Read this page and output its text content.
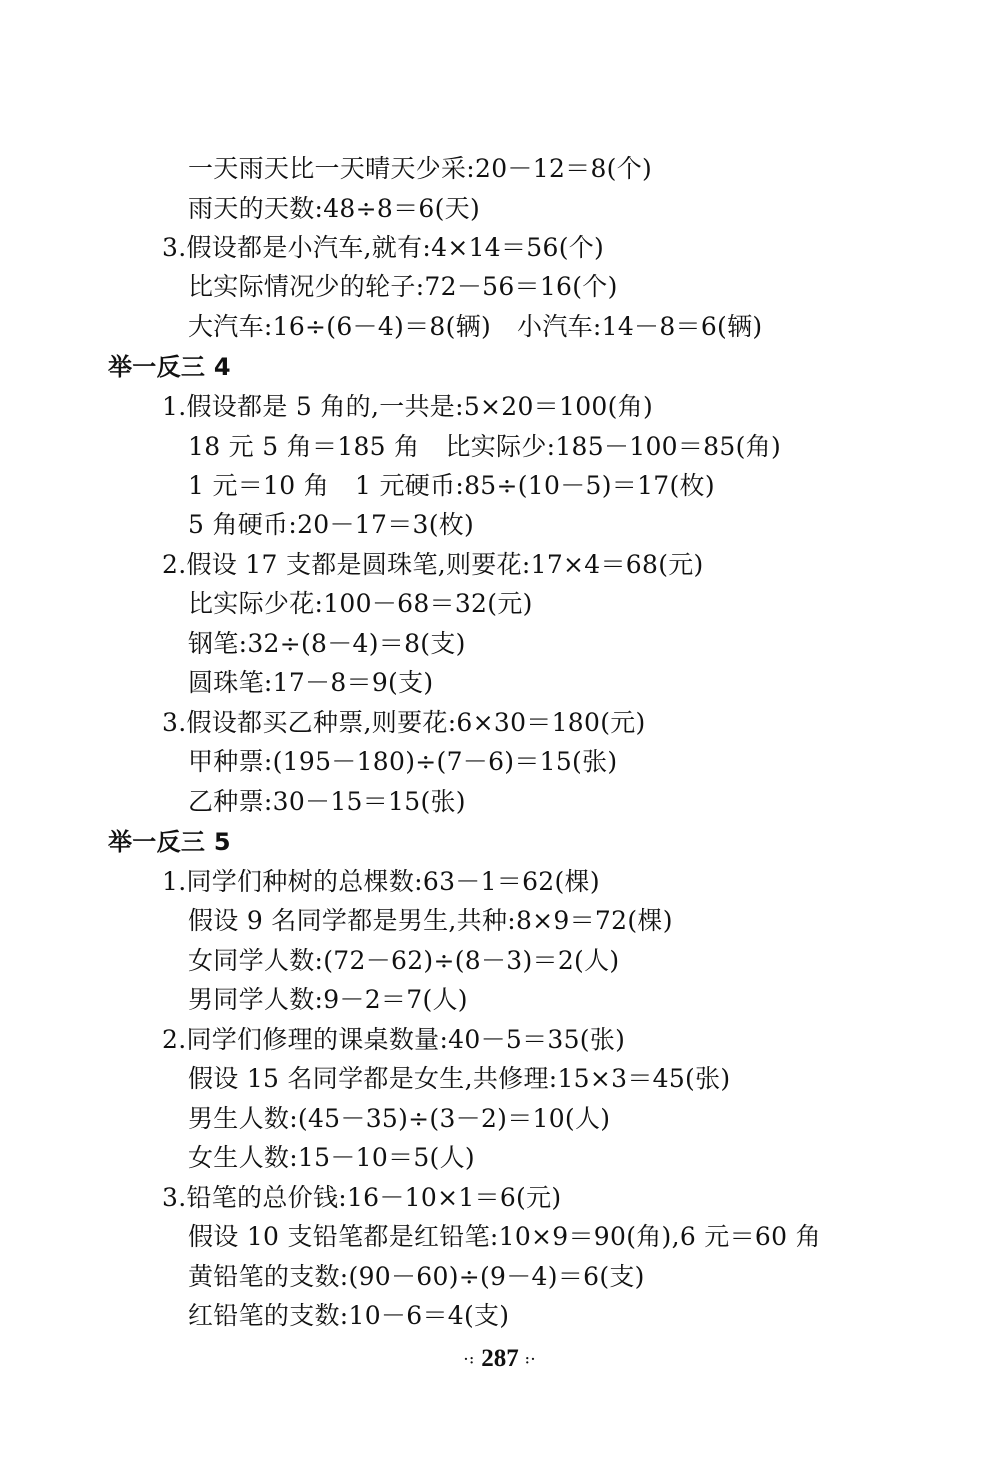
一天雨天比一天晴天少采:20－12＝8(个)
雨天的天数:48÷8＝6(天)
3.假设都是小汽车,就有:4×14＝56(个)
比实际情况少的轮子:72－56＝16(个)
大汽车:16÷(6－4)＝8(辆) 小汽车:14－8＝6(辆)
举一反三 4
1.假设都是 5 角的,一共是:5×20＝100(角)
18 元 5 角＝185 角 比实际少:185－100＝85(角)
1 元＝10 角 1 元硬币:85÷(10－5)＝17(枚)
5 角硬币:20－17＝3(枚)
2.假设 17 支都是圆珠笔,则要花:17×4＝68(元)
比实际少花:100－68＝32(元)
钢笔:32÷(8－4)＝8(支)
圆珠笔:17－8＝9(支)
3.假设都买乙种票,则要花:6×30＝180(元)
甲种票:(195－180)÷(7－6)＝15(张)
乙种票:30－15＝15(张)
举一反三 5
1.同学们种树的总棵数:63－1＝62(棵)
假设 9 名同学都是男生,共种:8×9＝72(棵)
女同学人数:(72－62)÷(8－3)＝2(人)
男同学人数:9－2＝7(人)
2.同学们修理的课桌数量:40－5＝35(张)
假设 15 名同学都是女生,共修理:15×3＝45(张)
男生人数:(45－35)÷(3－2)＝10(人)
女生人数:15－10＝5(人)
3.铅笔的总价钱:16－10×1＝6(元)
假设 10 支铅笔都是红铅笔:10×9＝90(角),6 元＝60 角
黄铅笔的支数:(90－60)÷(9－4)＝6(支)
红铅笔的支数:10－6＝4(支)
·: 287 :·
